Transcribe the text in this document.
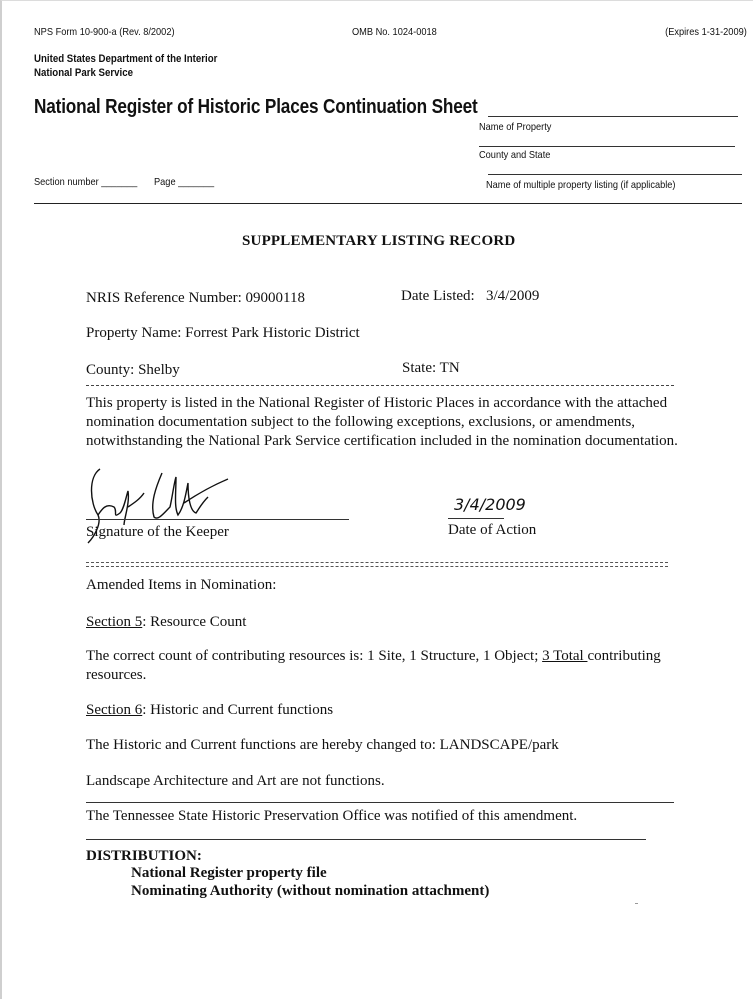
NPS Form 10-900-a (Rev. 8/2002)	OMB No. 1024-0018	(Expires 1-31-2009)
United States Department of the Interior
National Park Service
National Register of Historic Places Continuation Sheet
Name of Property
County and State
Name of multiple property listing (if applicable)
Section number _______ Page _______
SUPPLEMENTARY LISTING RECORD
NRIS Reference Number: 09000118	Date Listed: 3/4/2009
Property Name: Forrest Park Historic District
County: Shelby	State: TN
This property is listed in the National Register of Historic Places in accordance with the attached nomination documentation subject to the following exceptions, exclusions, or amendments, notwithstanding the National Park Service certification included in the nomination documentation.
Signature of the Keeper
3/4/2009
Date of Action
Amended Items in Nomination:
Section 5: Resource Count
The correct count of contributing resources is: 1 Site, 1 Structure, 1 Object; 3 Total contributing resources.
Section 6: Historic and Current functions
The Historic and Current functions are hereby changed to: LANDSCAPE/park
Landscape Architecture and Art are not functions.
The Tennessee State Historic Preservation Office was notified of this amendment.
DISTRIBUTION:
National Register property file
Nominating Authority (without nomination attachment)
